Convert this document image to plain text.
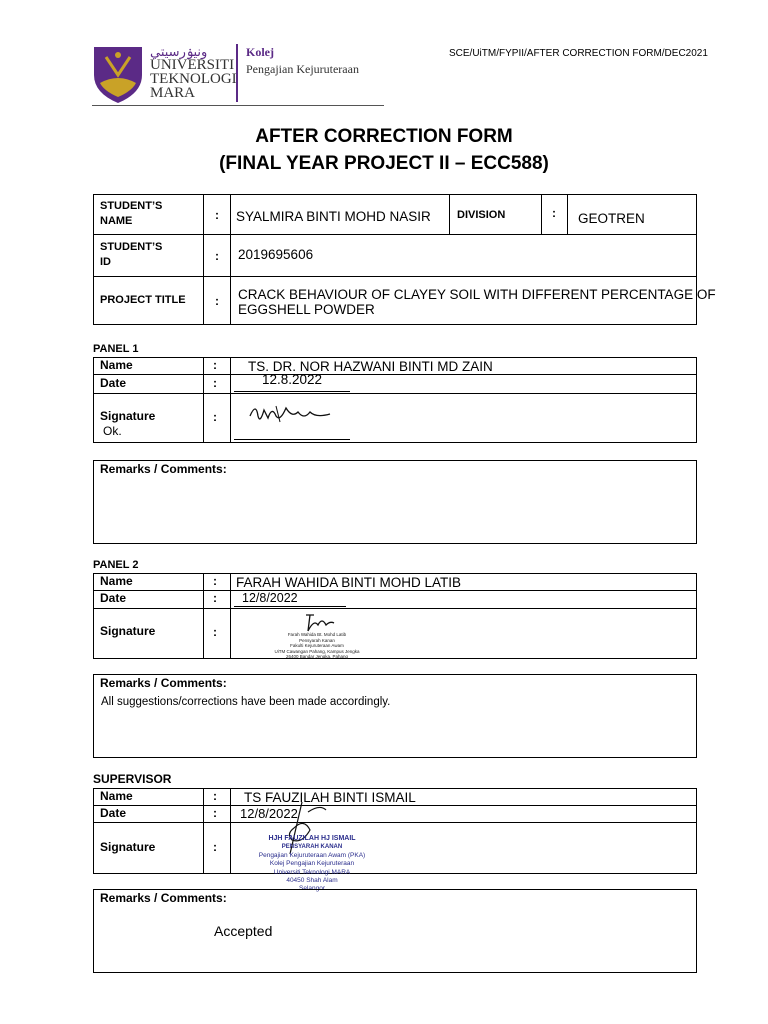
ونيۏرسيتي
UNIVERSITI
TEKNOLOGI
MARA
Kolej
Pengajian Kejuruteraan
SCE/UiTM/FYPII/AFTER CORRECTION FORM/DEC2021
AFTER CORRECTION FORM
(FINAL YEAR PROJECT II – ECC588)
STUDENT’S
NAME	: SYALMIRA BINTI MOHD NASIR DIVISION	: GEOTREN
STUDENT’S
ID	: 2019695606
PROJECT TITLE : CRACK BEHAVIOUR OF CLAYEY SOIL WITH DIFFERENT PERCENTAGE OF
EGGSHELL POWDER
PANEL 1
Name	: TS. DR. NOR HAZWANI BINTI MD ZAIN
Date	:	12.8.2022
Signature	:
Ok.
Remarks / Comments:
PANEL 2
Name	: FARAH WAHIDA BINTI MOHD LATIB
Date	: 12/8/2022
Signature	:	Farah Wahida Bt. Mohd Latib
Pensyarah Kanan
Fakulti Kejuruteraan Awam
UiTM Cawangan Pahang, Kampus Jengka
26400 Bandar Jengka, Pahang
Remarks / Comments:
All suggestions/corrections have been made accordingly.
SUPERVISOR
Name	: TS FAUZILAH BINTI ISMAIL
Date	: 12/8/2022
Signature	:
HJH FAUZILAH HJ ISMAIL
PENSYARAH KANAN
Pengajian Kejuruteraan Awam (PKA)
Kolej Pengajian Kejuruteraan
Universiti Teknologi MARA
40450 Shah Alam
Selangor
Remarks / Comments:
Accepted
